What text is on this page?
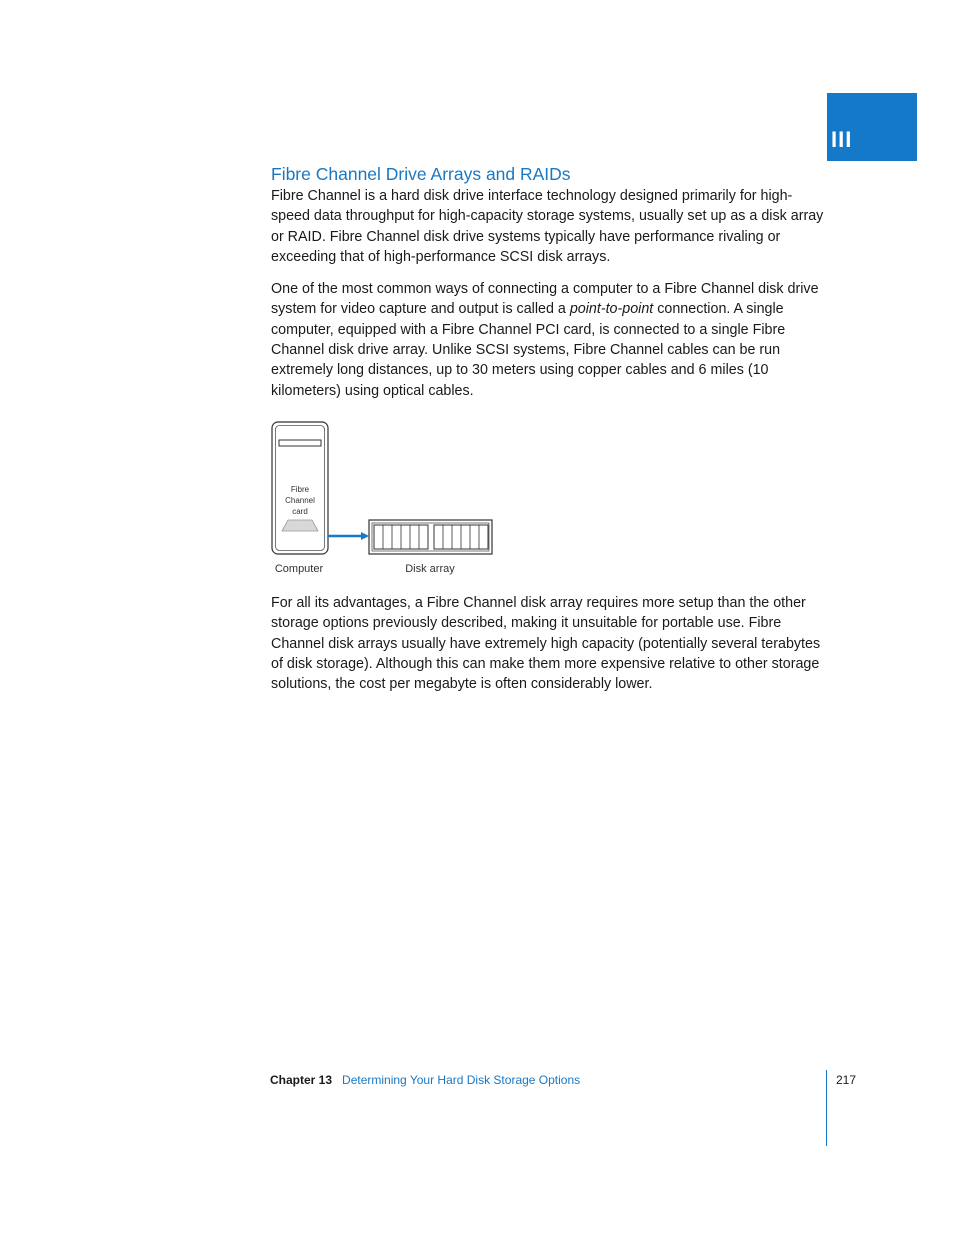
III
Fibre Channel Drive Arrays and RAIDs

Fibre Channel is a hard disk drive interface technology designed primarily for high-speed data throughput for high-capacity storage systems, usually set up as a disk array or RAID. Fibre Channel disk drive systems typically have performance rivaling or exceeding that of high-performance SCSI disk arrays.

One of the most common ways of connecting a computer to a Fibre Channel disk drive system for video capture and output is called a point-to-point connection. A single computer, equipped with a Fibre Channel PCI card, is connected to a single Fibre Channel disk drive array. Unlike SCSI systems, Fibre Channel cables can be run extremely long distances, up to 30 meters using copper cables and 6 miles (10 kilometers) using optical cables.

Fibre
Channel
card
Computer	Disk array

For all its advantages, a Fibre Channel disk array requires more setup than the other storage options previously described, making it unsuitable for portable use. Fibre Channel disk arrays usually have extremely high capacity (potentially several terabytes of disk storage). Although this can make them more expensive relative to other storage solutions, the cost per megabyte is often considerably lower.

Chapter 13 Determining Your Hard Disk Storage Options	217
